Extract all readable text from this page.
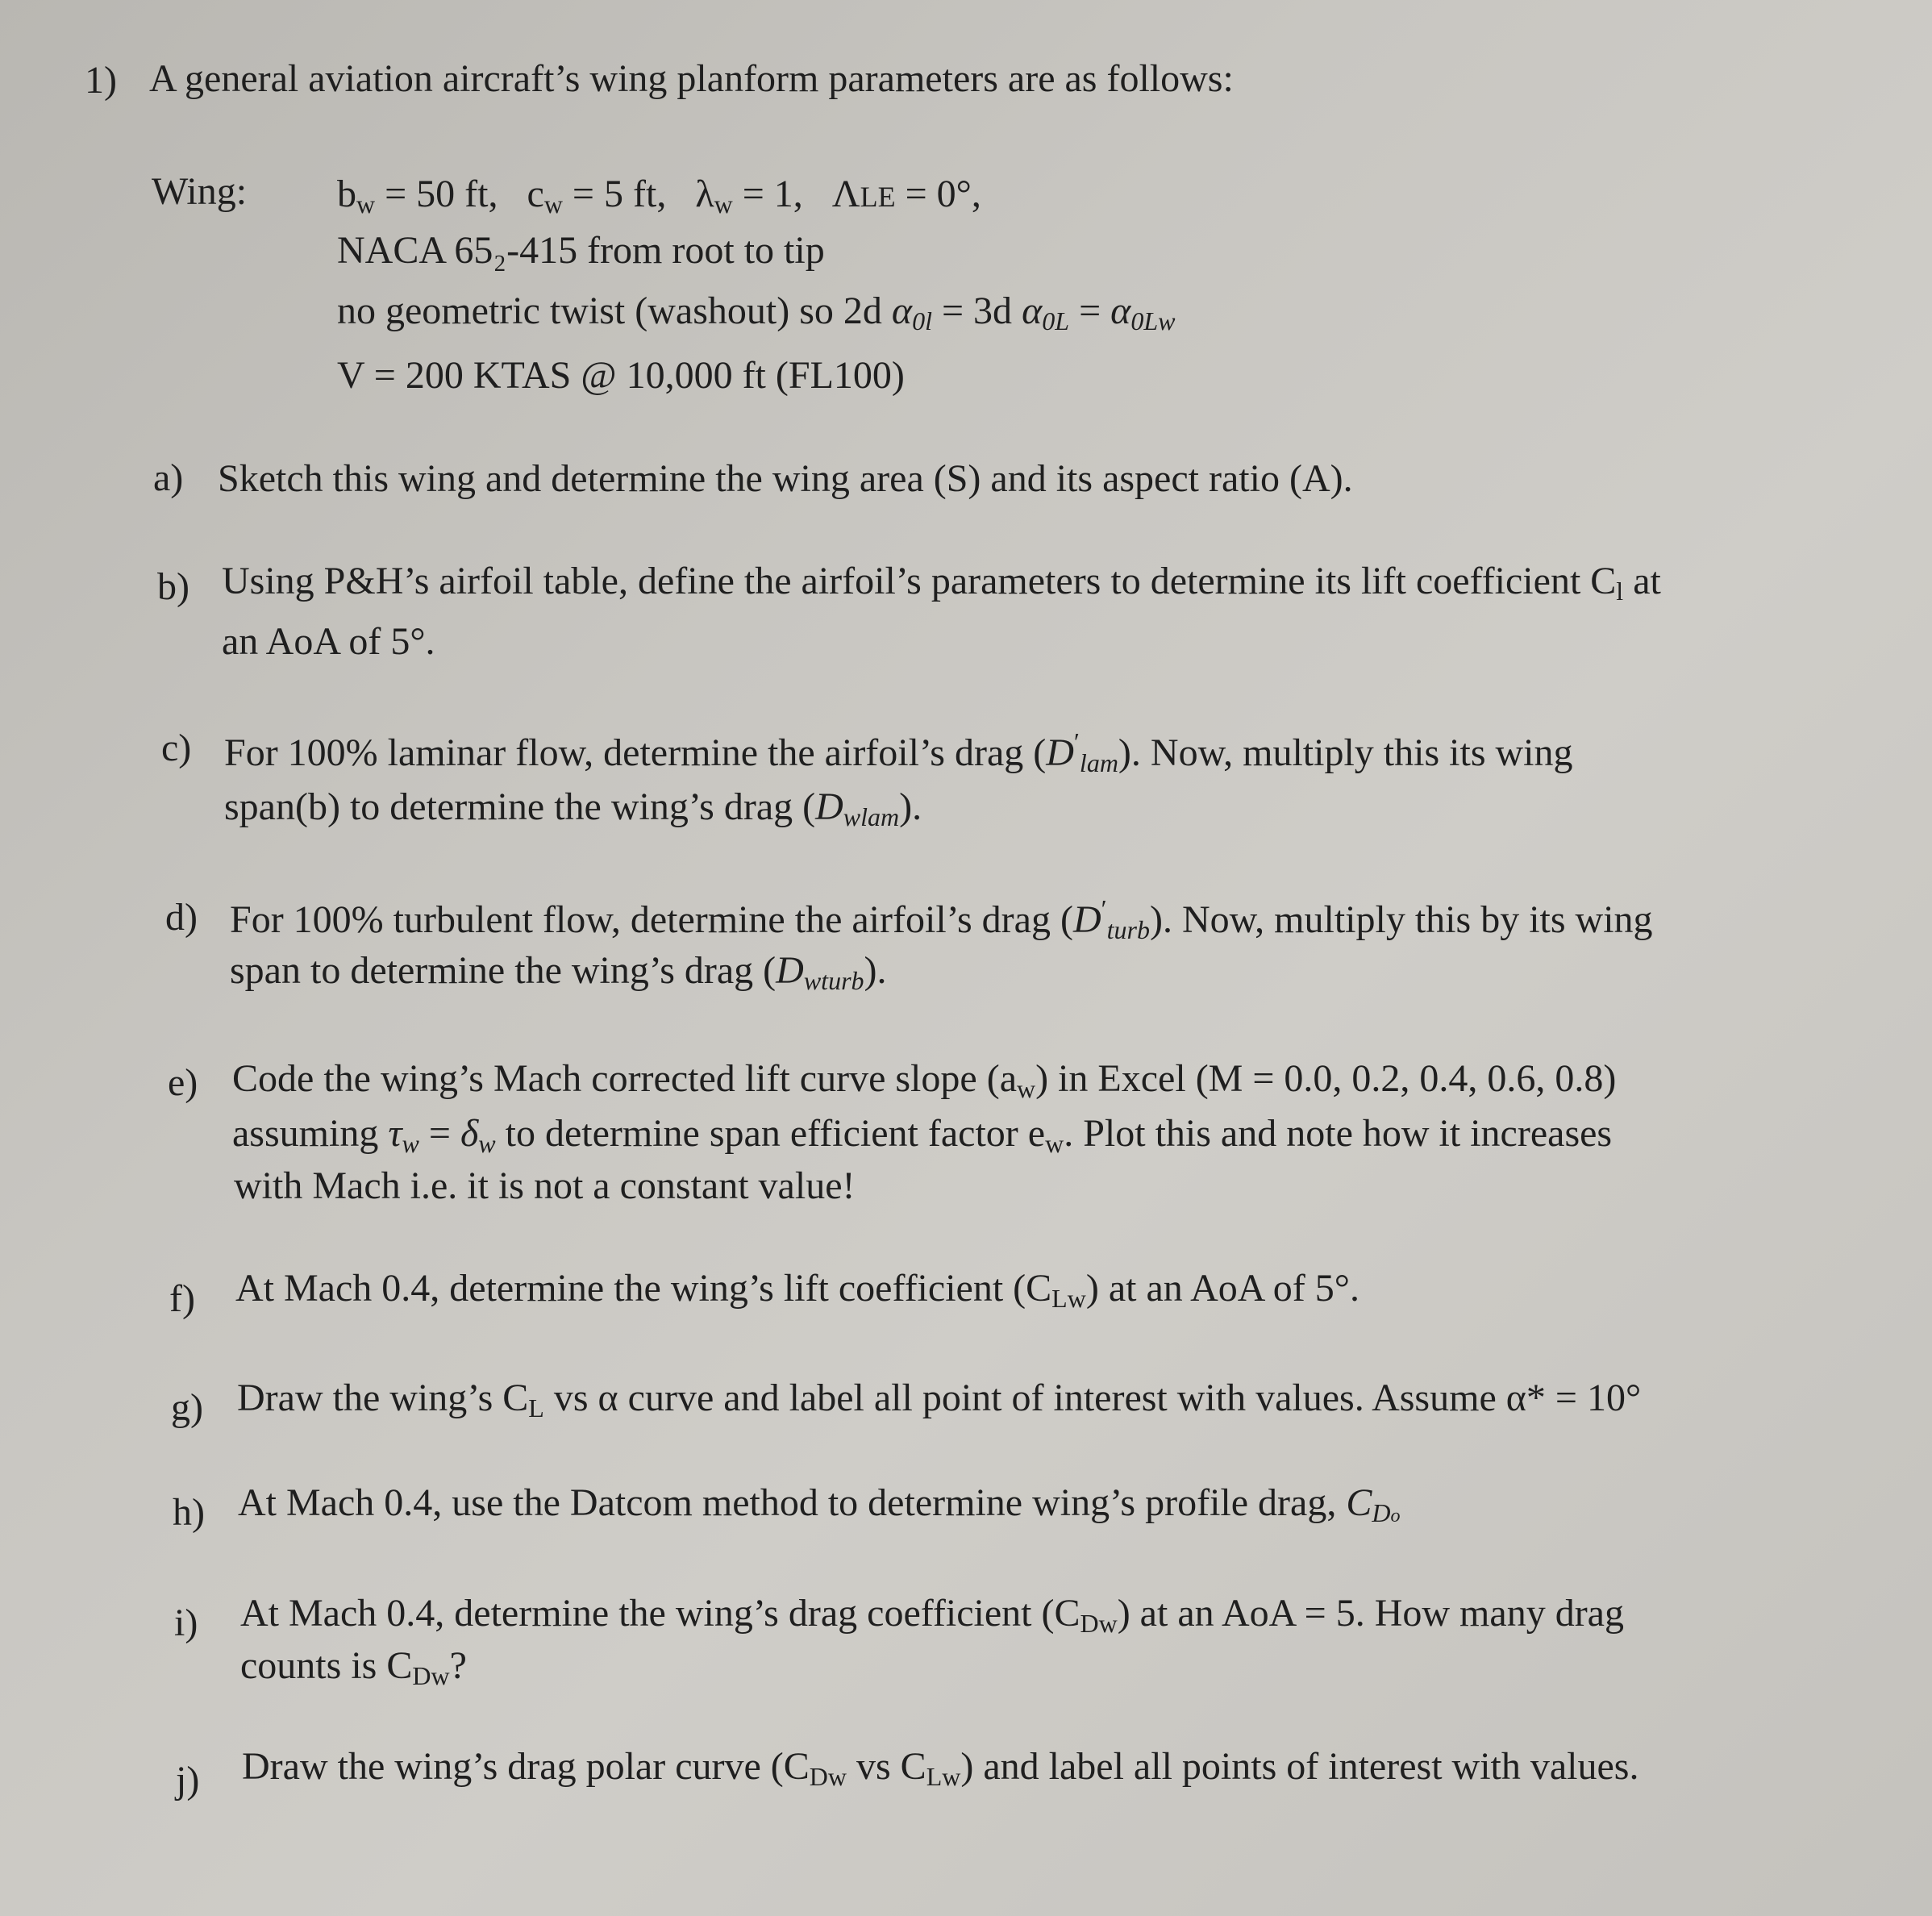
1) A general aviation aircraft’s wing planform parameters are as follows:
Wing: $b_w = 50$ ft,   $c_w = 5$ ft,   $\lambda_w = 1$,   ΛLE = 0°,
NACA 65₂-415 from root to tip
no geometric twist (washout) so 2d $\alpha_{0l} = 3d$ $\alpha_{0L} = \alpha_{0Lw}$
V = 200 KTAS @ 10,000 ft (FL100)
a) Sketch this wing and determine the wing area (S) and its aspect ratio (A).
b) Using P&H’s airfoil table, define the airfoil’s parameters to determine its lift coefficient $C_l$ at
an AoA of 5°.
c) For 100% laminar flow, determine the airfoil’s drag $(D'_{lam})$. Now, multiply this its wing
span(b) to determine the wing’s drag $(D_{wlam})$.
d) For 100% turbulent flow, determine the airfoil’s drag $(D'_{turb})$. Now, multiply this by its wing
span to determine the wing’s drag $(D_{wturb})$.
e) Code the wing’s Mach corrected lift curve slope $(a_w)$ in Excel (M = 0.0, 0.2, 0.4, 0.6, 0.8)
assuming $\tau_w = \delta_w$ to determine span efficient factor $e_w$. Plot this and note how it increases
with Mach i.e. it is not a constant value!
f) At Mach 0.4, determine the wing’s lift coefficient $(C_{Lw})$ at an AoA of 5°.
g) Draw the wing’s $C_L$ vs α curve and label all point of interest with values. Assume α* = 10°
h) At Mach 0.4, use the Datcom method to determine wing’s profile drag, $C_{Do}$
i) At Mach 0.4, determine the wing’s drag coefficient $(C_{Dw})$ at an AoA = 5. How many drag
counts is $C_{Dw}$?
j) Draw the wing’s drag polar curve ($C_{Dw}$ vs $C_{Lw}$) and label all points of interest with values.
